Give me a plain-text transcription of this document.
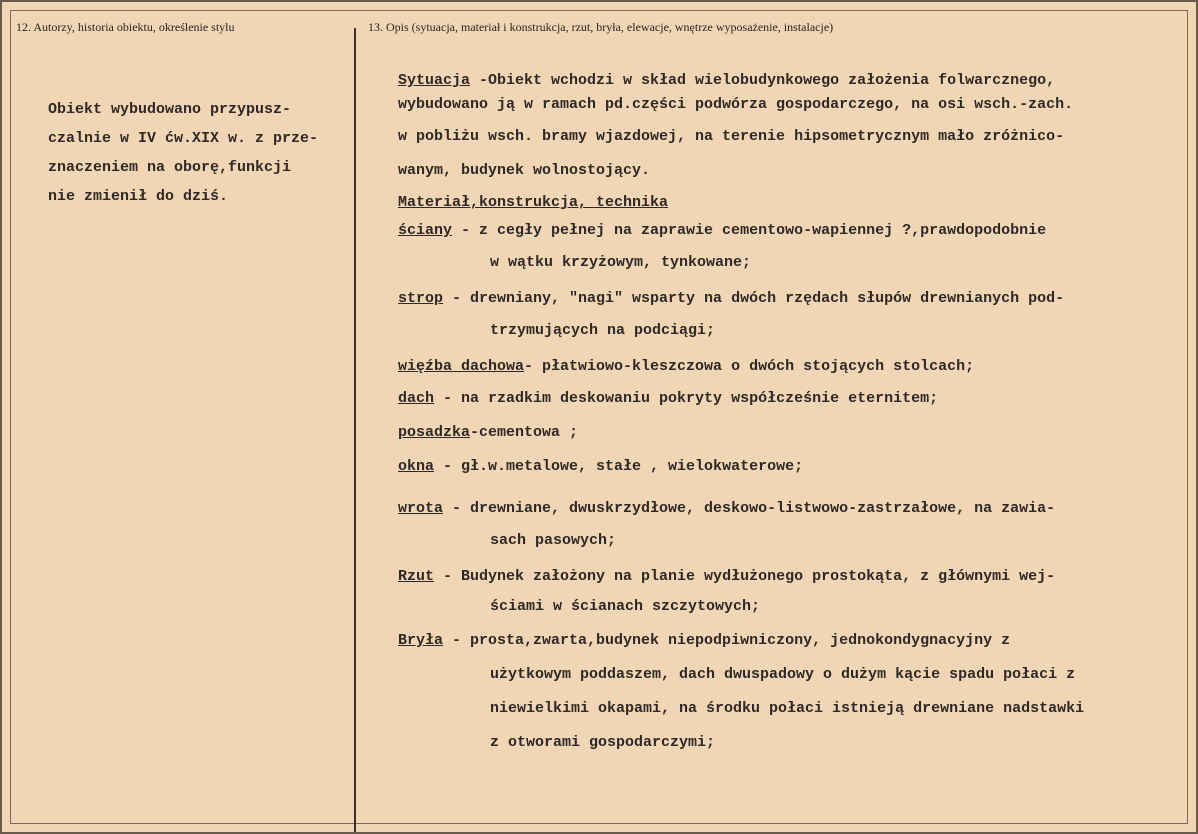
12. Autorzy, historia obiektu, określenie stylu	13. Opis (sytuacja, materiał i konstrukcja, rzut, bryła, elewacje, wnętrze wyposażenie, instalacje)
Obiekt wybudowano przypusz-
czalnie w IV ćw.XIX w. z prze-
znaczeniem na oborę,funkcji
nie zmienił do dziś.
Sytuacja -Obiekt wchodzi w skład wielobudynkowego założenia folwarcznego,
wybudowano ją w ramach pd.części podwórza gospodarczego, na osi wsch.-zach.
w pobliżu wsch. bramy wjazdowej, na terenie hipsometrycznym mało zróżnico-
wanym, budynek wolnostojący.
Materiał,konstrukcja, technika
ściany - z cegły pełnej na zaprawie cementowo-wapiennej ?,prawdopodobnie
w wątku krzyżowym, tynkowane;
strop - drewniany, "nagi" wsparty na dwóch rzędach słupów drewnianych pod-
trzymujących na podciągi;
więźba dachowa- płatwiowo-kleszczowa o dwóch stojących stolcach;
dach - na rzadkim deskowaniu pokryty współcześnie eternitem;
posadzka-cementowa ;
okna - gł.w.metalowe, stałe , wielokwaterowe;
wrota - drewniane, dwuskrzydłowe, deskowo-listwowo-zastrzałowe, na zawia-
sach pasowych;
Rzut - Budynek założony na planie wydłużonego prostokąta, z głównymi wej-
ściami w ścianach szczytowych;
Bryła - prosta,zwarta,budynek niepodpiwniczony, jednokondygnacyjny z
użytkowym poddaszem, dach dwuspadowy o dużym kącie spadu połaci z
niewielkimi okapami, na środku połaci istnieją drewniane nadstawki
z otworami gospodarczymi;
